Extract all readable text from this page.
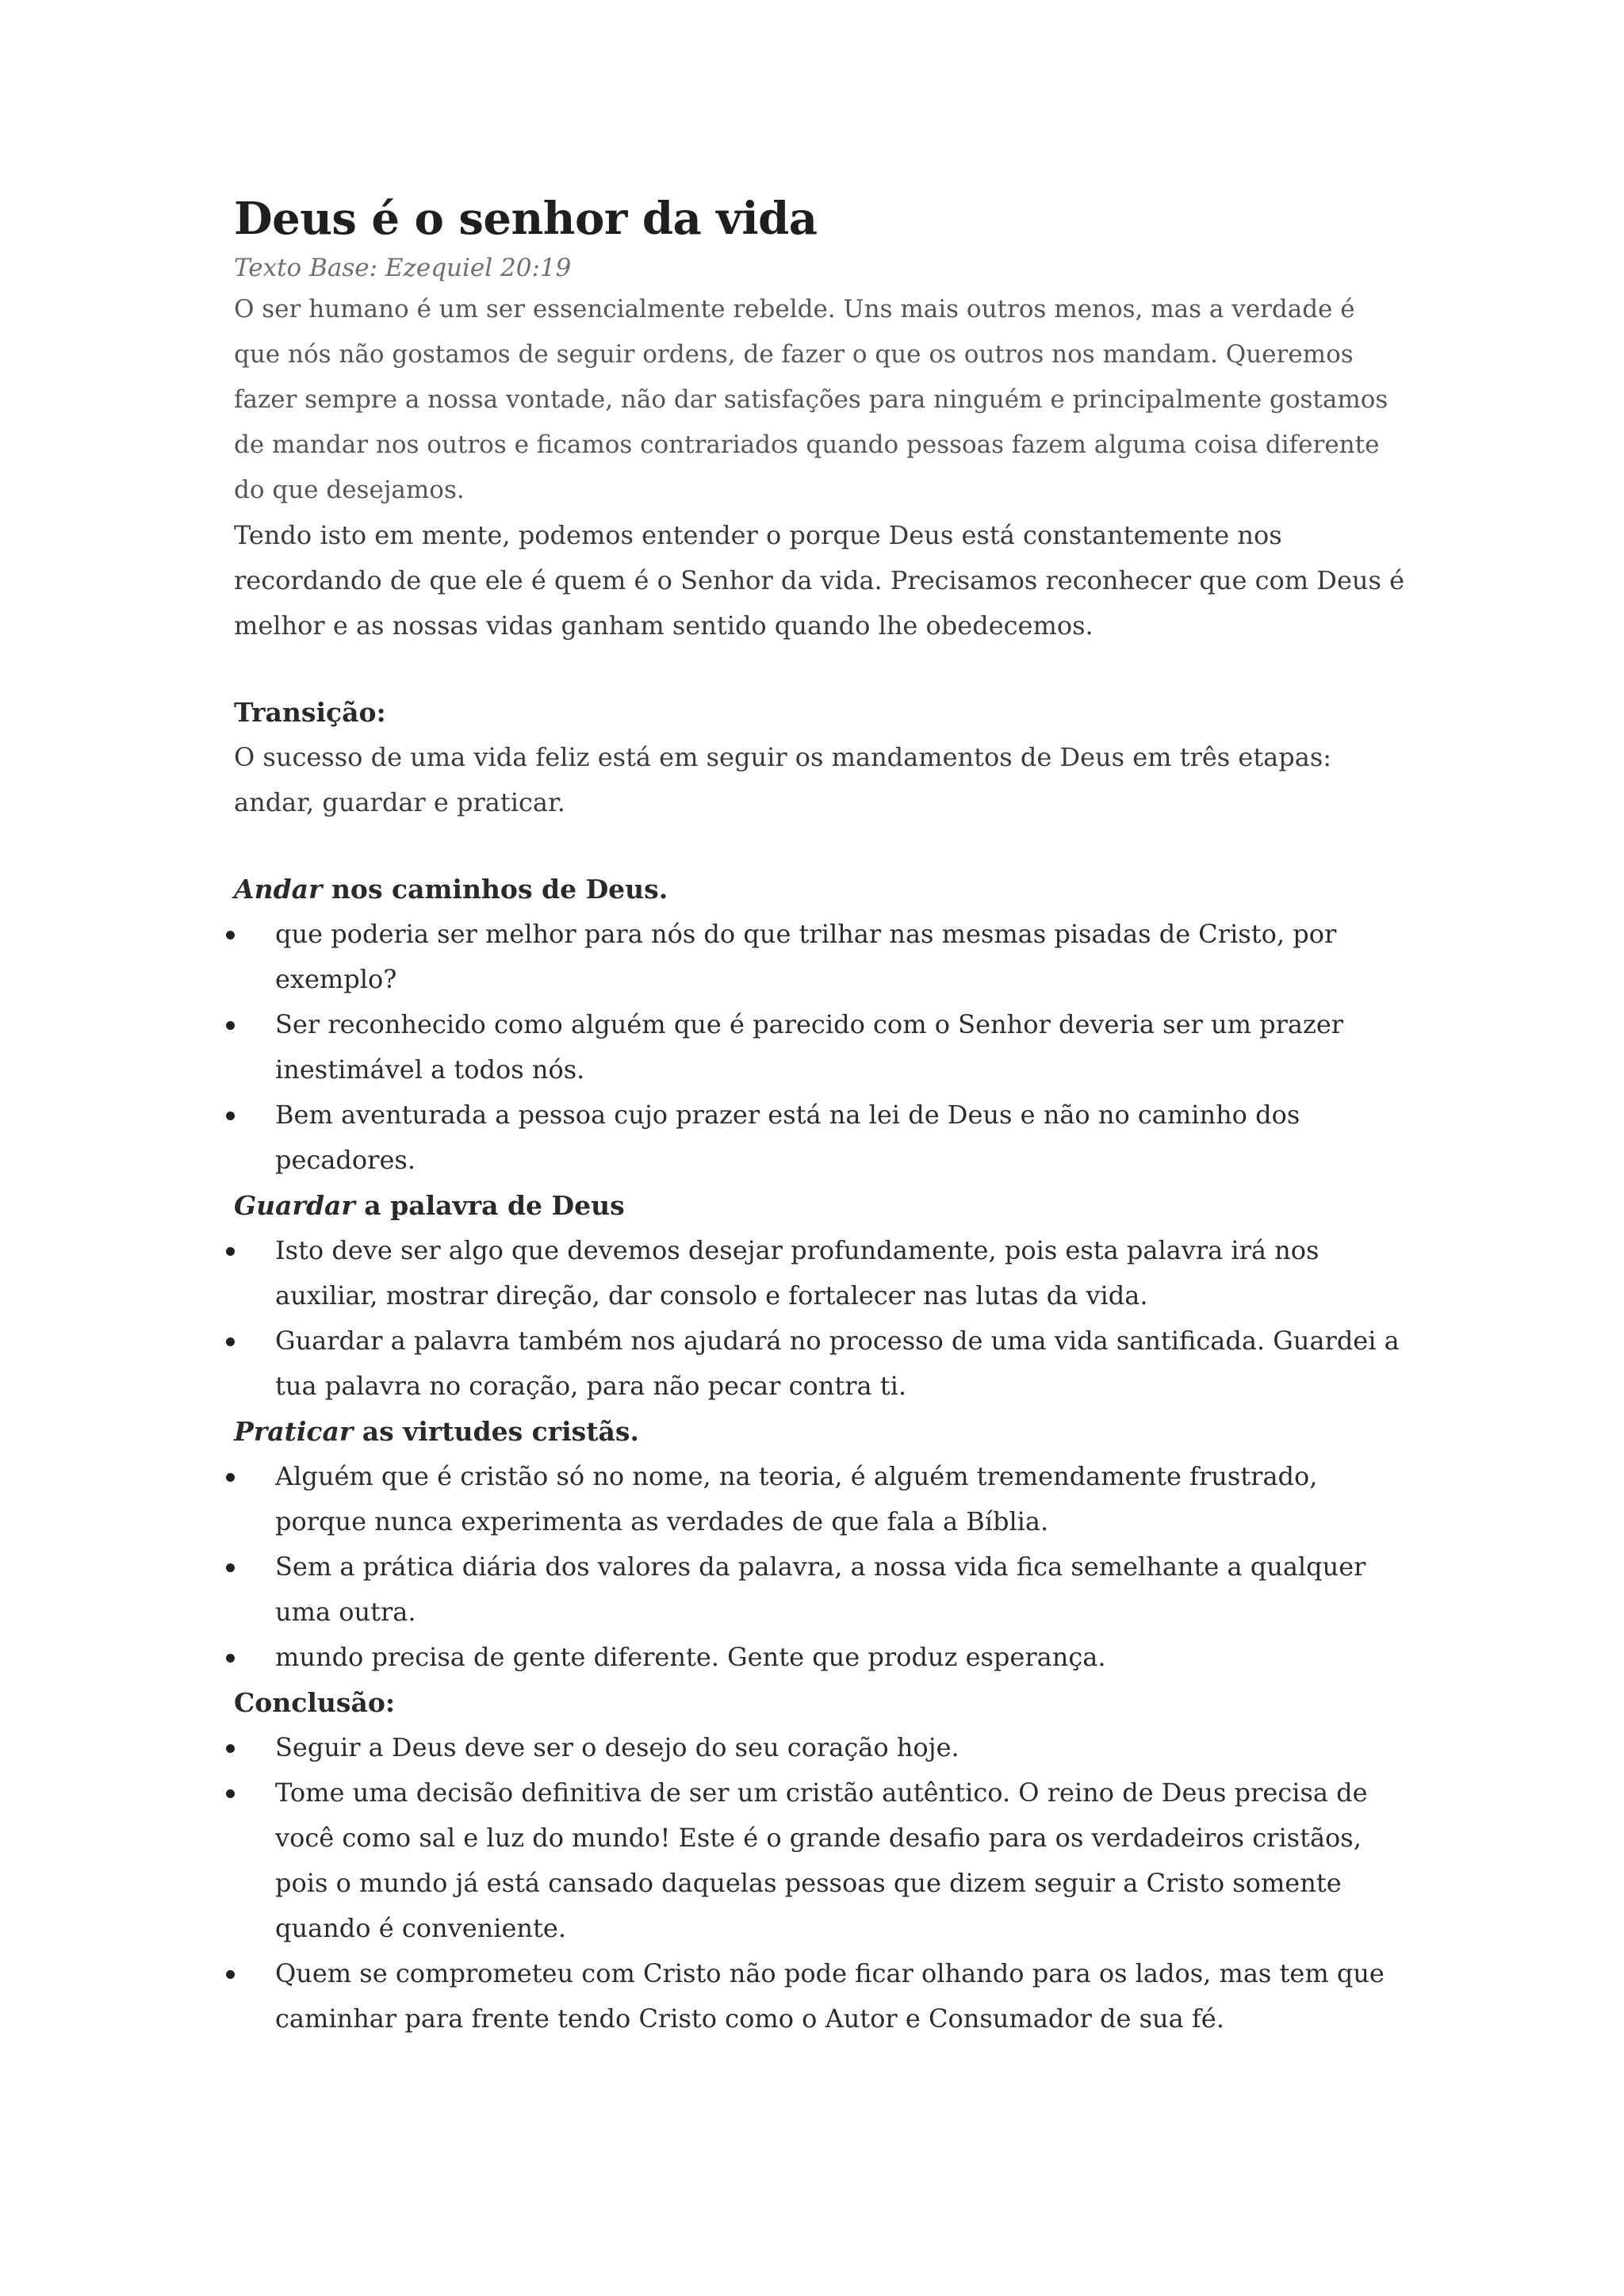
Deus é o senhor da vida

Texto Base: Ezequiel 20:19

O ser humano é um ser essencialmente rebelde. Uns mais outros menos, mas a verdade é que nós não gostamos de seguir ordens, de fazer o que os outros nos mandam. Queremos fazer sempre a nossa vontade, não dar satisfações para ninguém e principalmente gostamos de mandar nos outros e ficamos contrariados quando pessoas fazem alguma coisa diferente do que desejamos.

Tendo isto em mente, podemos entender o porque Deus está constantemente nos recordando de que ele é quem é o Senhor da vida. Precisamos reconhecer que com Deus é melhor e as nossas vidas ganham sentido quando lhe obedecemos.

Transição:

O sucesso de uma vida feliz está em seguir os mandamentos de Deus em três etapas: andar, guardar e praticar.

Andar nos caminhos de Deus.

que poderia ser melhor para nós do que trilhar nas mesmas pisadas de Cristo, por exemplo?
Ser reconhecido como alguém que é parecido com o Senhor deveria ser um prazer inestimável a todos nós.
Bem aventurada a pessoa cujo prazer está na lei de Deus e não no caminho dos pecadores.

Guardar a palavra de Deus

Isto deve ser algo que devemos desejar profundamente, pois esta palavra irá nos auxiliar, mostrar direção, dar consolo e fortalecer nas lutas da vida.
Guardar a palavra também nos ajudará no processo de uma vida santificada. Guardei a tua palavra no coração, para não pecar contra ti.

Praticar as virtudes cristãs.

Alguém que é cristão só no nome, na teoria, é alguém tremendamente frustrado, porque nunca experimenta as verdades de que fala a Bíblia.
Sem a prática diária dos valores da palavra, a nossa vida fica semelhante a qualquer uma outra.
mundo precisa de gente diferente. Gente que produz esperança.

Conclusão:

Seguir a Deus deve ser o desejo do seu coração hoje.
Tome uma decisão definitiva de ser um cristão autêntico. O reino de Deus precisa de você como sal e luz do mundo! Este é o grande desafio para os verdadeiros cristãos, pois o mundo já está cansado daquelas pessoas que dizem seguir a Cristo somente quando é conveniente.
Quem se comprometeu com Cristo não pode ficar olhando para os lados, mas tem que caminhar para frente tendo Cristo como o Autor e Consumador de sua fé.
